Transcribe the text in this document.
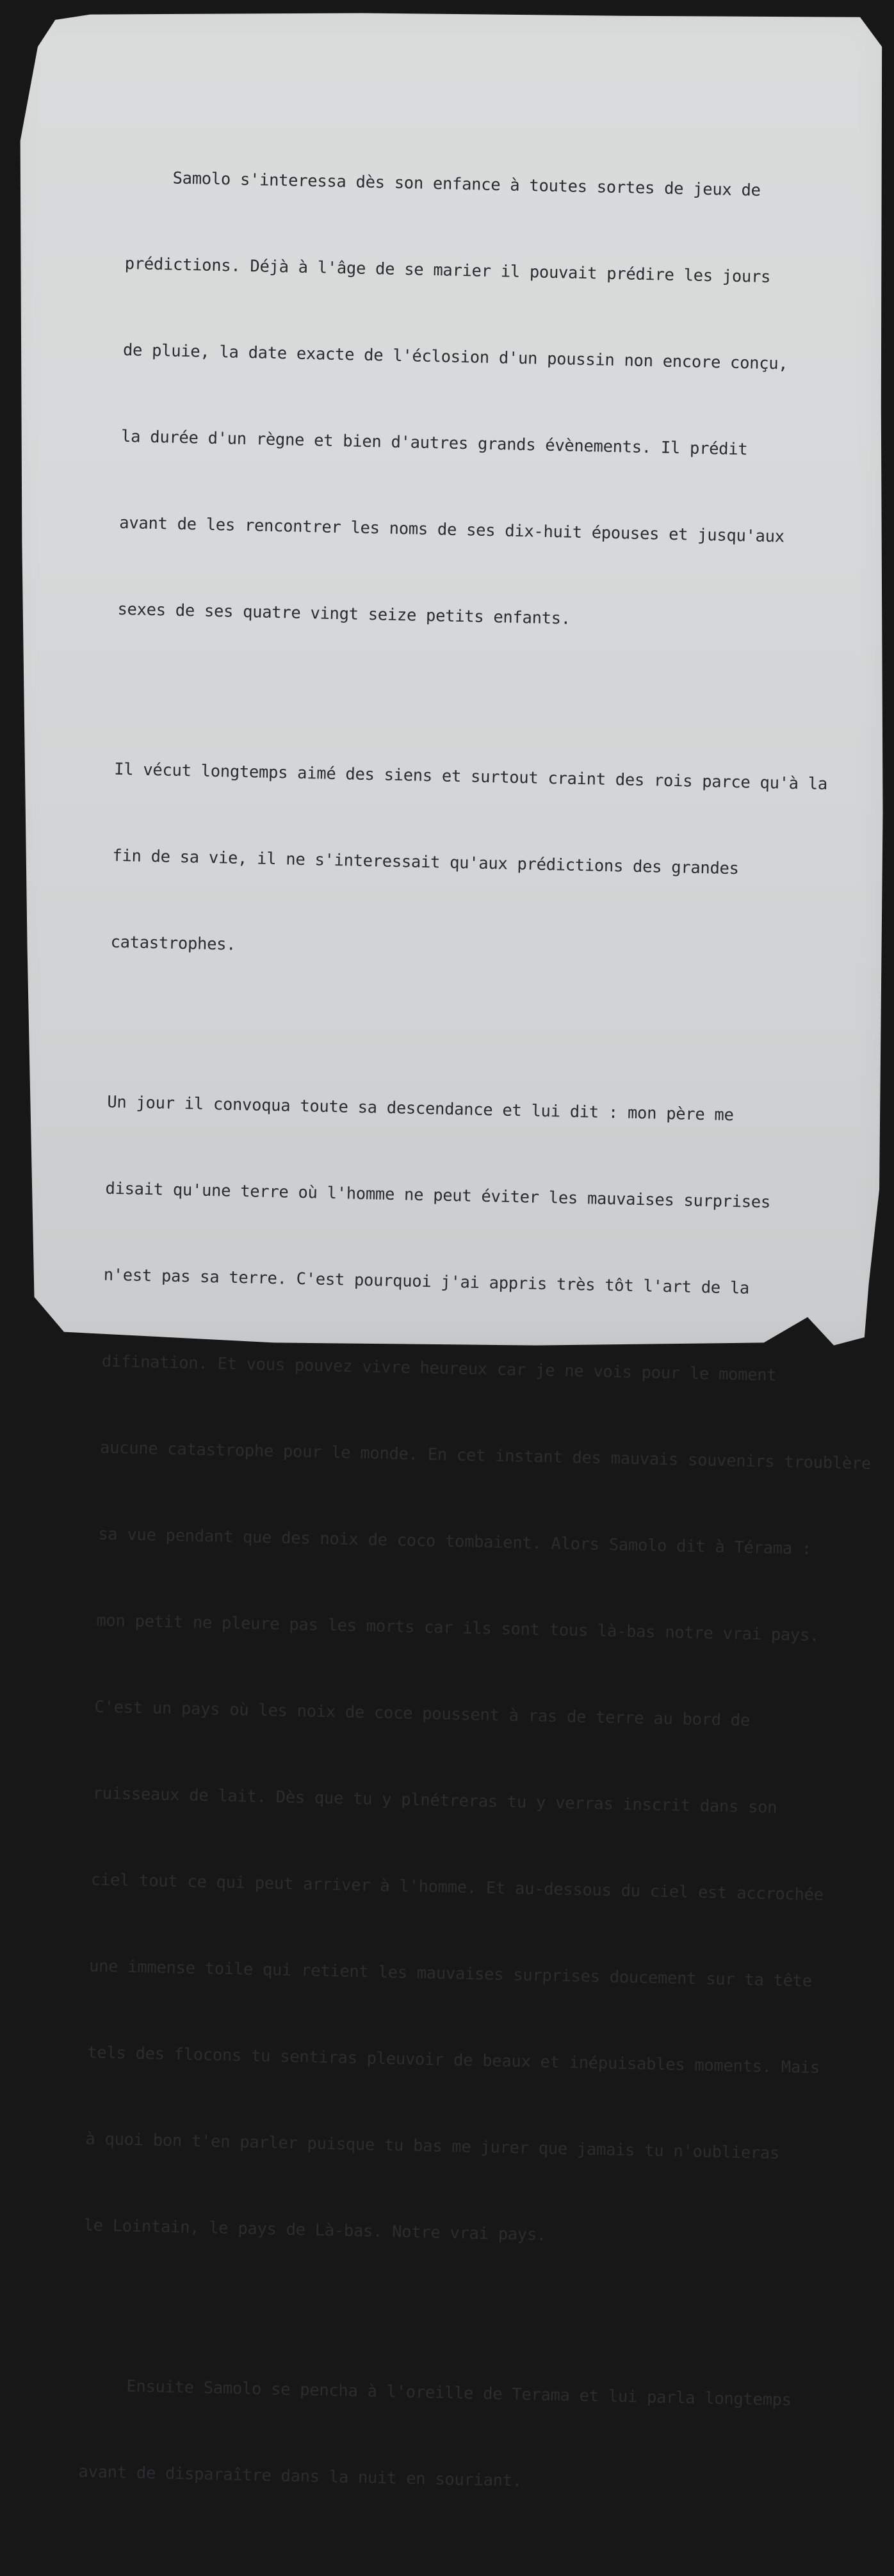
Samolo s'interessa dès son enfance à toutes sortes de jeux de

prédictions. Déjà à l'âge de se marier il pouvait prédire les jours

de pluie, la date exacte de l'éclosion d'un poussin non encore conçu,

la durée d'un règne et bien d'autres grands évènements. Il prédit

avant de les rencontrer les noms de ses dix-huit épouses et jusqu'aux

sexes de ses quatre vingt seize petits enfants.

Il vécut longtemps aimé des siens et surtout craint des rois parce qu'à la

fin de sa vie, il ne s'interessait qu'aux prédictions des grandes

catastrophes.

Un jour il convoqua toute sa descendance et lui dit : mon père me

disait qu'une terre où l'homme ne peut éviter les mauvaises surprises

n'est pas sa terre. C'est pourquoi j'ai appris très tôt l'art de la

difination. Et vous pouvez vivre heureux car je ne vois pour le moment

aucune catastrophe pour le monde. En cet instant des mauvais souvenirs troublère

sa vue pendant que des noix de coco tombaient. Alors Samolo dit à Térama :

mon petit ne pleure pas les morts car ils sont tous là-bas notre vrai pays.

C'est un pays où les noix de coce poussent à ras de terre au bord de

ruisseaux de lait. Dès que tu y plnétreras tu y verras inscrit dans son

ciel tout ce qui peut arriver à l'homme. Et au-dessous du ciel est accrochée

une immense toile qui retient les mauvaises surprises doucement sur ta tête

tels des flocons tu sentiras pleuvoir de beaux et inépuisables moments. Mais

à quoi bon t'en parler puisque tu bas me jurer que jamais tu n'oublieras

le Lointain, le pays de Là-bas. Notre vrai pays.

Ensuite Samolo se pencha à l'oreille de Terama et lui parla longtemps

avant de disparaître dans la nuit en souriant.
